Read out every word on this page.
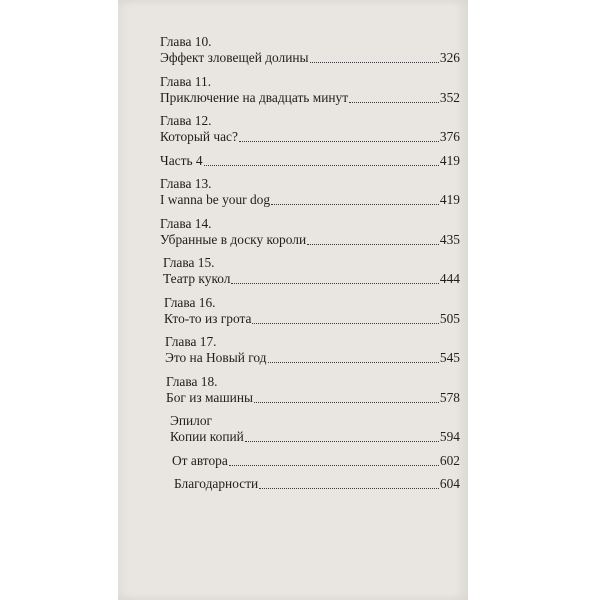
Глава 10.
Эффект зловещей долины	326
Глава 11.
Приключение на двадцать минут	352
Глава 12.
Который час?	376
Часть 4	419
Глава 13.
I wanna be your dog	419
Глава 14.
Убранные в доску короли	435
Глава 15.
Театр кукол	444
Глава 16.
Кто-то из грота	505
Глава 17.
Это на Новый год	545
Глава 18.
Бог из машины	578
Эпилог
Копии копий	594
От автора	602
Благодарности	604
